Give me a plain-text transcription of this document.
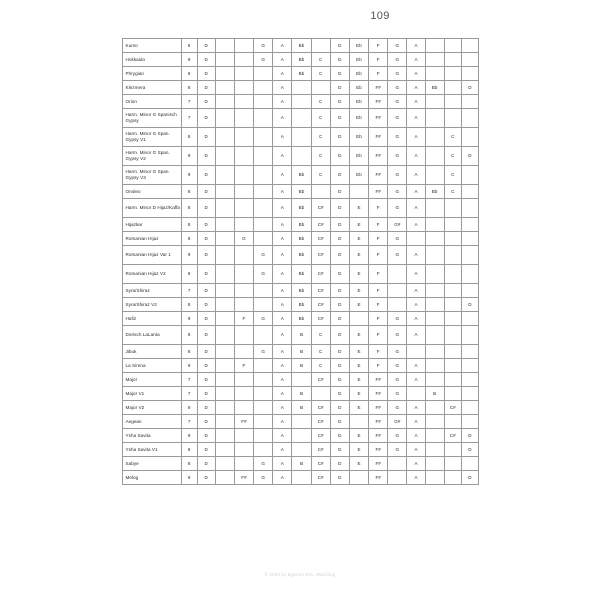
109
Kumo	8	D			G	A	Bb		D	Eb	F	G	A			
Hokkaido	9	D			G	A	Bb	C	D	Eb	F	G	A			
Phrygian	8	D				A	Bb	C	D	Eb	F	G	A			
Klezmera	8	D				A			D	Eb	F#	G	A	Bb		D
Orion	7	D				A		C	D	Eb	F#	G	A			
Harm. Minor G Spanisch Gypsy	7	D				A		C	D	Eb	F#	G	A			
Harm. Minor G Span. Gypsy V1	8	D				A		C	D	Eb	F#	G	A		C	
Harm. Minor G Span. Gypsy V2	9	D				A		C	D	Eb	F#	G	A		C	D
Harm. Minor G Span. Gypsy V3	9	D				A	Bb	C	D	Eb	F#	G	A		C	
Onoleo	8	D				A	Bb		D		F#	G	A	Bb	C	
Harm. Minor D Hijaz/Kaffa	8	D				A	Bb	C#	D	E	F	G	A			
Hijazkar	8	D				A	Bb	C#	D	E	F	G#	A			
Romanian Hijaz	8	D		G		A	Bb	C#	D	E	F	G				
Romanian Hijaz Var 1	9	D			G	A	Bb	C#	D	E	F	G	A			
Romanian Hijaz V2	8	D			G	A	Bb	C#	D	E	F		A			
Syra/Shiraz	7	D				A	Bb	C#	D	E	F		A			
Syra/Shiraz V2	8	D				A	Bb	C#	D	E	F		A			D
Hafiz	9	D		F	G	A	Bb	C#	D		F	G	A			
Dorisch LaLanta	8	D				A	B	C	D	E	F	G	A			
Jibuk	8	D			G	A	B	C	D	E	F	G				
La Sirena	9	D		F		A	B	C	D	E	F	G	A			
Major	7	D				A		C#	D	E	F#	G	A			
Major V1	7	D				A	B		D	E	F#	G		B		
Major V2	9	D				A	B	C#	D	E	F#	G	A		C#	
Aegean	7	D		F#		A		C#	D		F#	G#	A			
Ysha Savita	9	D				A		C#	D	E	F#	G	A		C#	D
Ysha Savita V1	8	D				A		C#	D	E	F#	G	A			D
Sabye	8	D			G	A	B	C#	D	E	F#		A			
Melog	9	D		F#	G	A		C#	D		F#		A			D
© 2023 by Egenes DIA. Maschug
